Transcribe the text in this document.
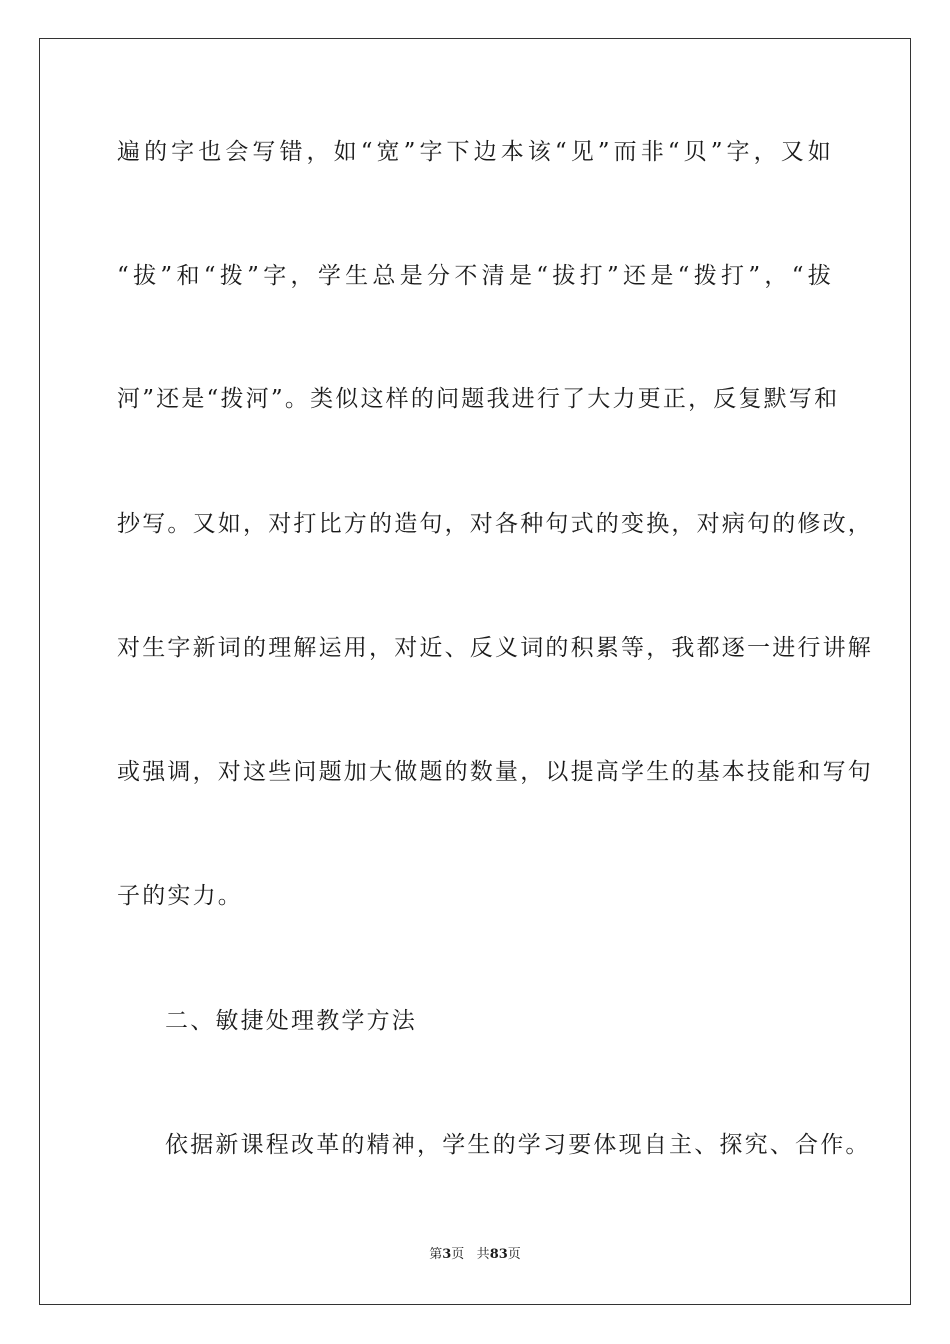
遍的字也会写错，如“宽”字下边本该“见”而非“贝”字，又如
“拔”和“拨”字，学生总是分不清是“拔打”还是“拨打”，“拔
河”还是“拨河”。类似这样的问题我进行了大力更正，反复默写和
抄写。又如，对打比方的造句，对各种句式的变换，对病句的修改，
对生字新词的理解运用，对近、反义词的积累等，我都逐一进行讲解
或强调，对这些问题加大做题的数量，以提高学生的基本技能和写句
子的实力。
二、敏捷处理教学方法
依据新课程改革的精神，学生的学习要体现自主、探究、合作。
第3页 共83页
